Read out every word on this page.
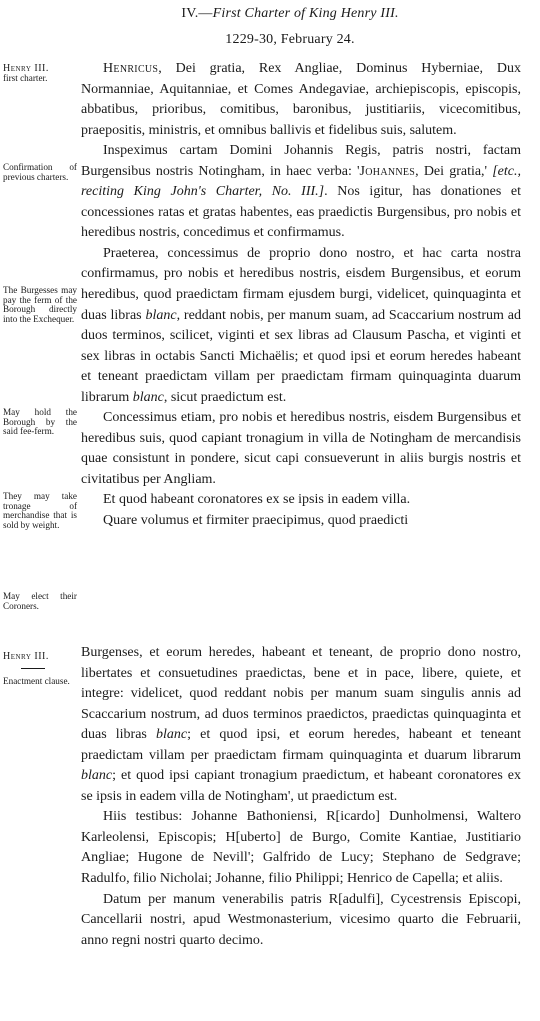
IV.—First Charter of King Henry III.
1229-30, February 24.
Henry III.
first charter.
Confirmation of previous charters.
The Burgesses may pay the ferm of the Borough directly into the Exchequer.
May hold the Borough by the said fee-ferm.
They may take tronage of merchandise that is sold by weight.
May elect their Coroners.
Henry III.
Enactment clause.

Henricus, Dei gratia, Rex Angliae, Dominus Hyberniae, Dux Normanniae, Aquitanniae, et Comes Andegaviae, archiepiscopis, episcopis, abbatibus, prioribus, comitibus, baronibus, justitiariis, vicecomitibus, praepositis, ministris, et omnibus ballivis et fidelibus suis, salutem.

Inspeximus cartam Domini Johannis Regis, patris nostri, factam Burgensibus nostris Notingham, in haec verba: 'Johannes, Dei gratia,' [etc., reciting King John's Charter, No. III.]. Nos igitur, has donationes et concessiones ratas et gratas habentes, eas praedictis Burgensibus, pro nobis et heredibus nostris, concedimus et confirmamus.

Praeterea, concessimus de proprio dono nostro, et hac carta nostra confirmamus, pro nobis et heredibus nostris, eisdem Burgensibus, et eorum heredibus, quod praedictam firmam ejusdem burgi, videlicet, quinquaginta et duas libras blanc, reddant nobis, per manum suam, ad Scaccarium nostrum ad duos terminos, scilicet, viginti et sex libras ad Clausum Pascha, et viginti et sex libras in octabis Sancti Michaëlis; et quod ipsi et eorum heredes habeant et teneant praedictam villam per praedictam firmam quinquaginta duarum librarum blanc, sicut praedictum est.

Concessimus etiam, pro nobis et heredibus nostris, eisdem Burgensibus et heredibus suis, quod capiant tronagium in villa de Notingham de mercandisis quae consistunt in pondere, sicut capi consueverunt in aliis burgis nostris et civitatibus per Angliam.

Et quod habeant coronatores ex se ipsis in eadem villa.

Quare volumus et firmiter praecipimus, quod praedicti

Burgenses, et eorum heredes, habeant et teneant, de proprio dono nostro, libertates et consuetudines praedictas, bene et in pace, libere, quiete, et integre: videlicet, quod reddant nobis per manum suam singulis annis ad Scaccarium nostrum, ad duos terminos praedictos, praedictas quinquaginta et duas libras blanc; et quod ipsi, et eorum heredes, habeant et teneant praedictam villam per praedictam firmam quinquaginta et duarum librarum blanc; et quod ipsi capiant tronagium praedictum, et habeant coronatores ex se ipsis in eadem villa de Notingham', ut praedictum est.

Hiis testibus: Johanne Bathoniensi, R[icardo] Dunholmensi, Waltero Karleolensi, Episcopis; H[uberto] de Burgo, Comite Kantiae, Justitiario Angliae; Hugone de Nevill'; Galfrido de Lucy; Stephano de Sedgrave; Radulfo, filio Nicholai; Johanne, filio Philippi; Henrico de Capella; et aliis.

Datum per manum venerabilis patris R[adulfi], Cycestrensis Episcopi, Cancellarii nostri, apud Westmonasterium, vicesimo quarto die Februarii, anno regni nostri quarto decimo.
